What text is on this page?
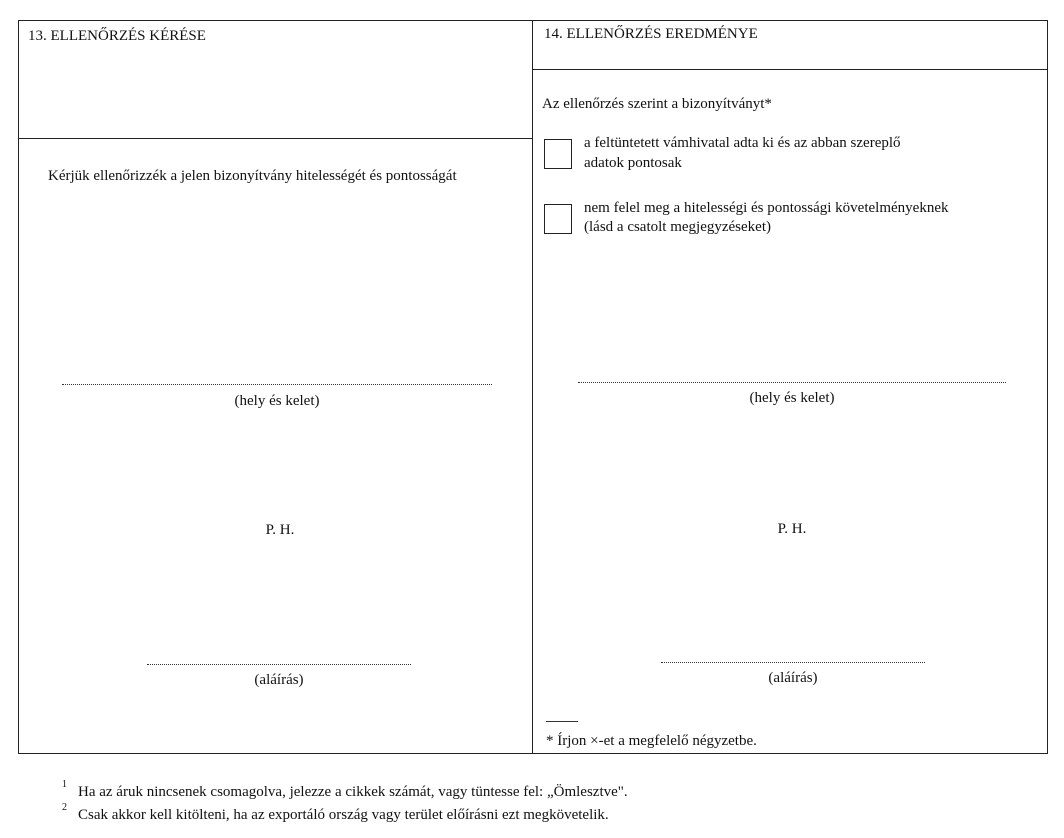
13. ELLENŐRZÉS KÉRÉSE
Kérjük ellenőrizzék a jelen bizonyítvány hitelességét és pontosságát
(hely és kelet)
P. H.
(aláírás)
14. ELLENŐRZÉS EREDMÉNYE
Az ellenőrzés szerint a bizonyítványt*
a feltüntetett vámhivatal adta ki és az abban szereplő
adatok pontosak
nem felel meg a hitelességi és pontossági követelményeknek
(lásd a csatolt megjegyzéseket)
(hely és kelet)
P. H.
(aláírás)
* Írjon ×-et a megfelelő négyzetbe.
1 Ha az áruk nincsenek csomagolva, jelezze a cikkek számát, vagy tüntesse fel: „Ömlesztve".
2 Csak akkor kell kitölteni, ha az exportáló ország vagy terület előírásni ezt megkövetelik.
